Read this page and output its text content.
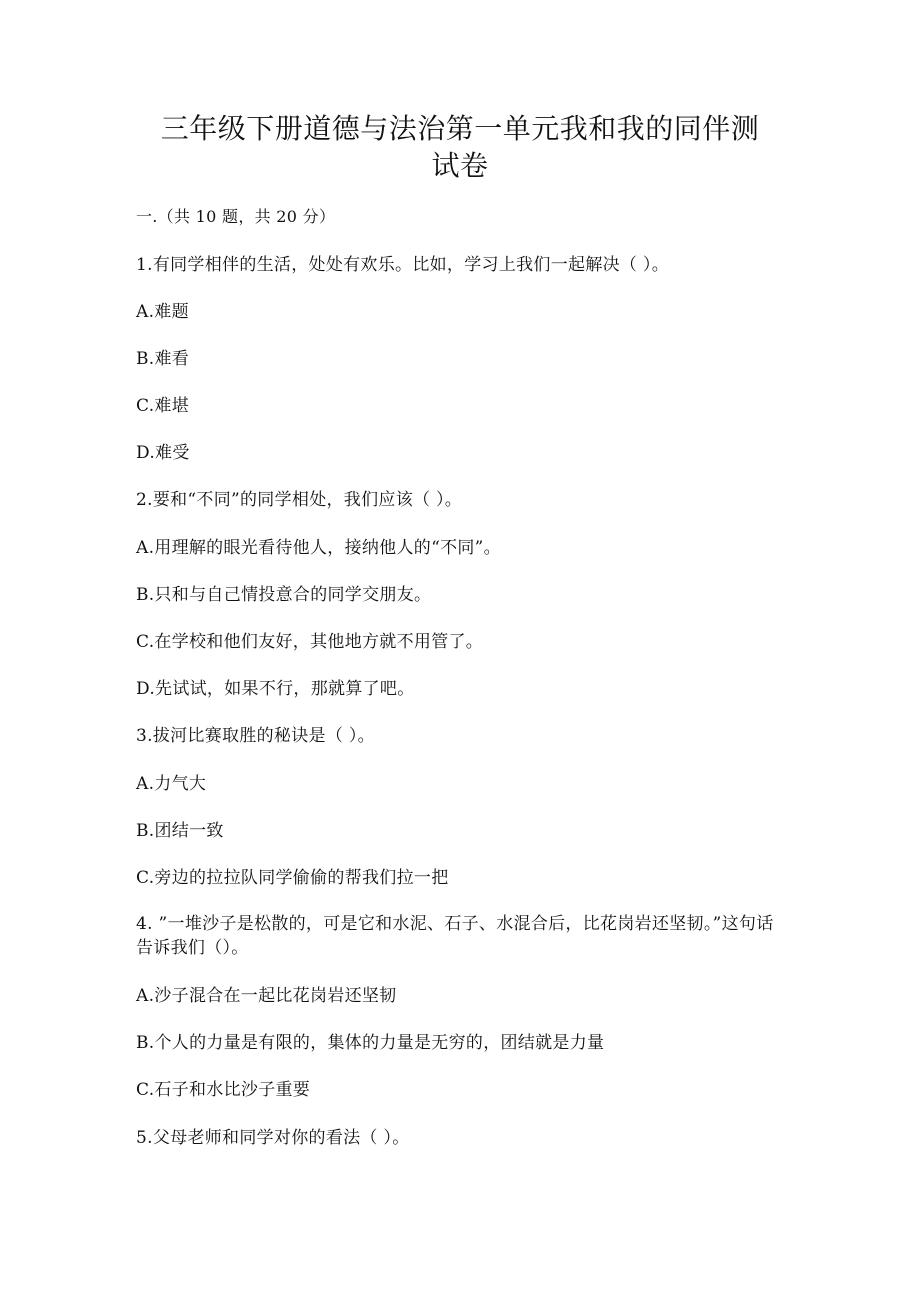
三年级下册道德与法治第一单元我和我的同伴测
试卷
一.（共 10 题，共 20 分）
1.有同学相伴的生活，处处有欢乐。比如，学习上我们一起解决（ ）。
A.难题
B.难看
C.难堪
D.难受
2.要和“不同”的同学相处，我们应该（ ）。
A.用理解的眼光看待他人，接纳他人的“不同”。
B.只和与自己情投意合的同学交朋友。
C.在学校和他们友好，其他地方就不用管了。
D.先试试，如果不行，那就算了吧。
3.拔河比赛取胜的秘诀是（ ）。
A.力气大
B.团结一致
C.旁边的拉拉队同学偷偷的帮我们拉一把
4. ”一堆沙子是松散的，可是它和水泥、石子、水混合后，比花岗岩还坚韧。”这句话告诉我们（）。
A.沙子混合在一起比花岗岩还坚韧
B.个人的力量是有限的，集体的力量是无穷的，团结就是力量
C.石子和水比沙子重要
5.父母老师和同学对你的看法（ ）。
